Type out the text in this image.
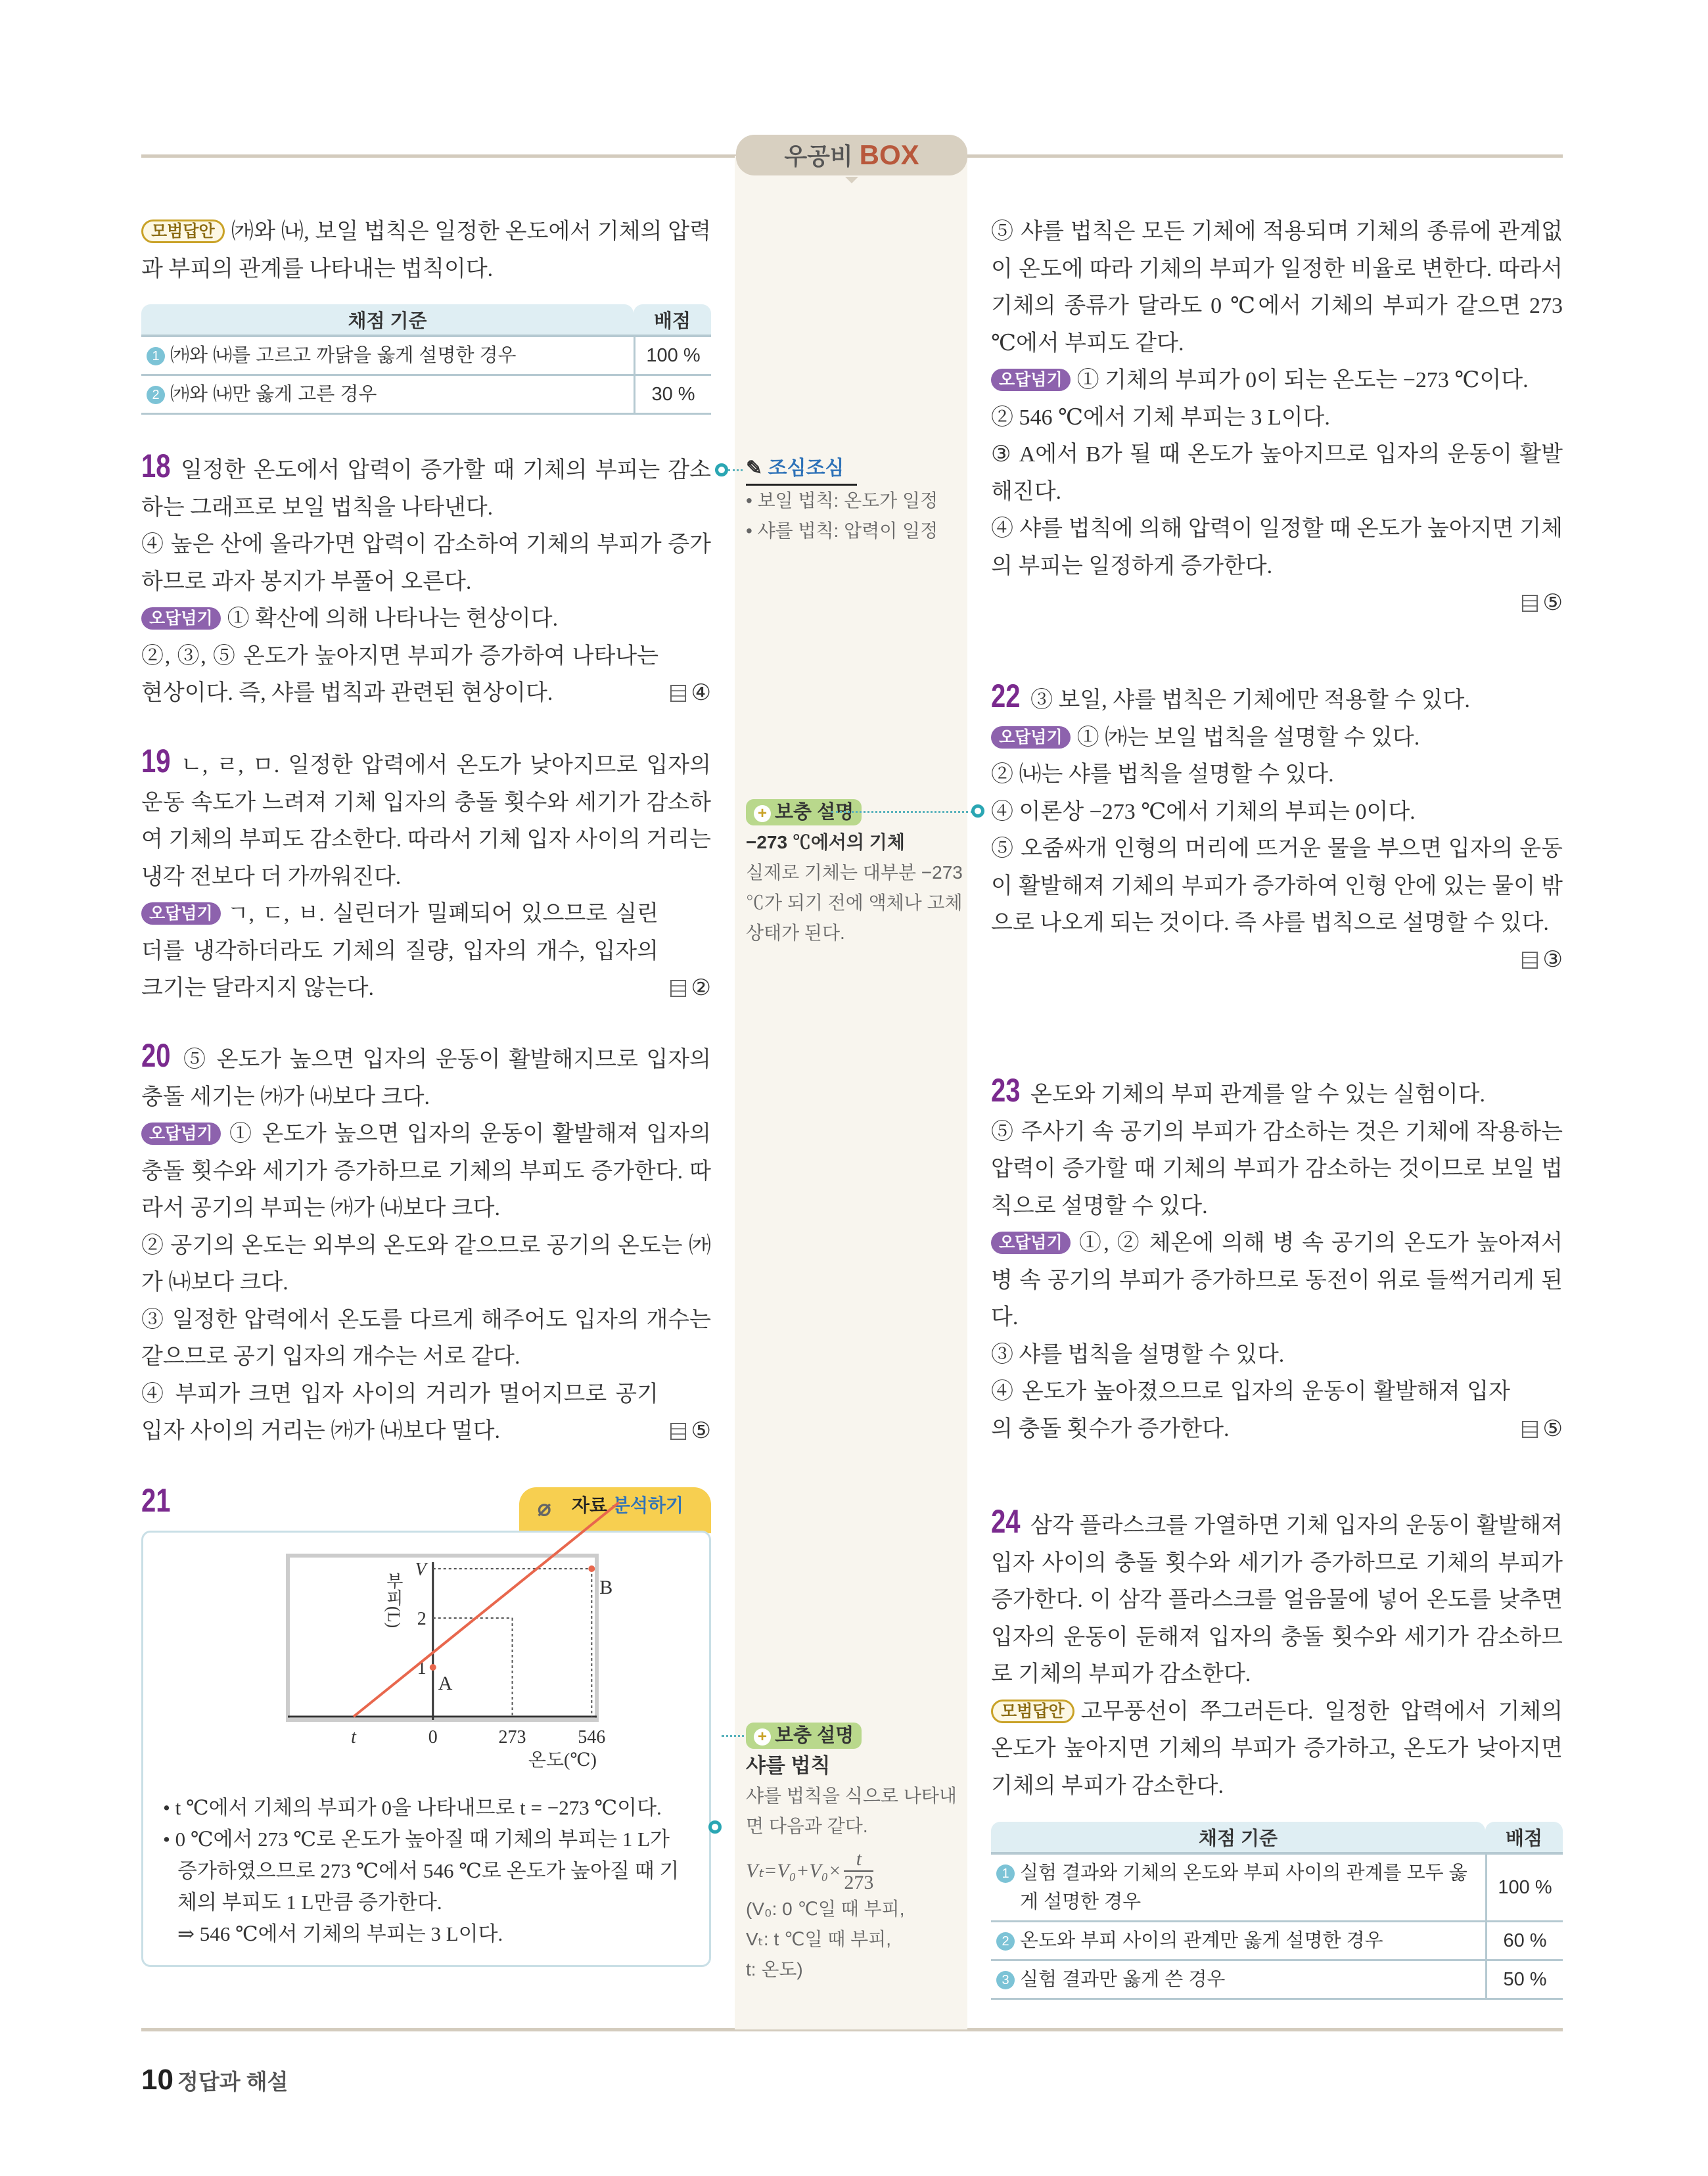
우공비 BOX
모범답안 ㈎와 ㈏, 보일 법칙은 일정한 온도에서 기체의 압력과 부피의 관계를 나타내는 법칙이다.
채점 기준	배점
1 ㈎와 ㈏를 고르고 까닭을 옳게 설명한 경우	100 %
2 ㈎와 ㈏만 옳게 고른 경우	30 %
18 일정한 온도에서 압력이 증가할 때 기체의 부피는 감소하는 그래프로 보일 법칙을 나타낸다.
④ 높은 산에 올라가면 압력이 감소하여 기체의 부피가 증가하므로 과자 봉지가 부풀어 오른다.
오답넘기 ① 확산에 의해 나타나는 현상이다.
②, ③, ⑤ 온도가 높아지면 부피가 증가하여 나타나는 현상이다. 즉, 샤를 법칙과 관련된 현상이다.	④
19 ㄴ, ㄹ, ㅁ. 일정한 압력에서 온도가 낮아지므로 입자의 운동 속도가 느려져 기체 입자의 충돌 횟수와 세기가 감소하여 기체의 부피도 감소한다. 따라서 기체 입자 사이의 거리는 냉각 전보다 더 가까워진다.
오답넘기 ㄱ, ㄷ, ㅂ. 실린더가 밀폐되어 있으므로 실린더를 냉각하더라도 기체의 질량, 입자의 개수, 입자의 크기는 달라지지 않는다.	②
20 ⑤ 온도가 높으면 입자의 운동이 활발해지므로 입자의 충돌 세기는 ㈎가 ㈏보다 크다.
오답넘기 ① 온도가 높으면 입자의 운동이 활발해져 입자의 충돌 횟수와 세기가 증가하므로 기체의 부피도 증가한다. 따라서 공기의 부피는 ㈎가 ㈏보다 크다.
② 공기의 온도는 외부의 온도와 같으므로 공기의 온도는 ㈎가 ㈏보다 크다.
③ 일정한 압력에서 온도를 다르게 해주어도 입자의 개수는 같으므로 공기 입자의 개수는 서로 같다.
④ 부피가 크면 입자 사이의 거리가 멀어지므로 공기 입자 사이의 거리는 ㈎가 ㈏보다 멀다.	⑤
21	⌀ 자료 분석하기
t	0	273	546
1
2
V
A
B
부피(L)
온도(℃)
• t ℃에서 기체의 부피가 0을 나타내므로 t = −273 ℃이다.
• 0 ℃에서 273 ℃로 온도가 높아질 때 기체의 부피는 1 L가 증가하였으므로 273 ℃에서 546 ℃로 온도가 높아질 때 기체의 부피도 1 L만큼 증가한다.
⇒ 546 ℃에서 기체의 부피는 3 L이다.
✎ 조심조심
• 보일 법칙: 온도가 일정
• 샤를 법칙: 압력이 일정
+ 보충 설명
−273 ℃에서의 기체
실제로 기체는 대부분 −273 ℃가 되기 전에 액체나 고체 상태가 된다.
+ 보충 설명
샤를 법칙
샤를 법칙을 식으로 나타내면 다음과 같다.
$V_t=V_0+V_0\times \frac{t}{273}$
(V₀: 0 ℃일 때 부피,
Vₜ: t ℃일 때 부피,
t: 온도)
⑤ 샤를 법칙은 모든 기체에 적용되며 기체의 종류에 관계없이 온도에 따라 기체의 부피가 일정한 비율로 변한다. 따라서 기체의 종류가 달라도 0 ℃에서 기체의 부피가 같으면 273 ℃에서 부피도 같다.
오답넘기 ① 기체의 부피가 0이 되는 온도는 −273 ℃이다.
② 546 ℃에서 기체 부피는 3 L이다.
③ A에서 B가 될 때 온도가 높아지므로 입자의 운동이 활발해진다.
④ 샤를 법칙에 의해 압력이 일정할 때 온도가 높아지면 기체의 부피는 일정하게 증가한다.
⑤
22 ③ 보일, 샤를 법칙은 기체에만 적용할 수 있다.
오답넘기 ① ㈎는 보일 법칙을 설명할 수 있다.
② ㈏는 샤를 법칙을 설명할 수 있다.
④ 이론상 −273 ℃에서 기체의 부피는 0이다.
⑤ 오줌싸개 인형의 머리에 뜨거운 물을 부으면 입자의 운동이 활발해져 기체의 부피가 증가하여 인형 안에 있는 물이 밖으로 나오게 되는 것이다. 즉 샤를 법칙으로 설명할 수 있다.
③
23 온도와 기체의 부피 관계를 알 수 있는 실험이다.
⑤ 주사기 속 공기의 부피가 감소하는 것은 기체에 작용하는 압력이 증가할 때 기체의 부피가 감소하는 것이므로 보일 법칙으로 설명할 수 있다.
오답넘기 ①, ② 체온에 의해 병 속 공기의 온도가 높아져서 병 속 공기의 부피가 증가하므로 동전이 위로 들썩거리게 된다.
③ 샤를 법칙을 설명할 수 있다.
④ 온도가 높아졌으므로 입자의 운동이 활발해져 입자의 충돌 횟수가 증가한다.	⑤
24 삼각 플라스크를 가열하면 기체 입자의 운동이 활발해져 입자 사이의 충돌 횟수와 세기가 증가하므로 기체의 부피가 증가한다. 이 삼각 플라스크를 얼음물에 넣어 온도를 낮추면 입자의 운동이 둔해져 입자의 충돌 횟수와 세기가 감소하므로 기체의 부피가 감소한다.
모범답안 고무풍선이 쭈그러든다. 일정한 압력에서 기체의 온도가 높아지면 기체의 부피가 증가하고, 온도가 낮아지면 기체의 부피가 감소한다.
채점 기준	배점
1 실험 결과와 기체의 온도와 부피 사이의 관계를 모두 옳게 설명한 경우	100 %
2 온도와 부피 사이의 관계만 옳게 설명한 경우	60 %
3 실험 결과만 옳게 쓴 경우	50 %
10 정답과 해설
